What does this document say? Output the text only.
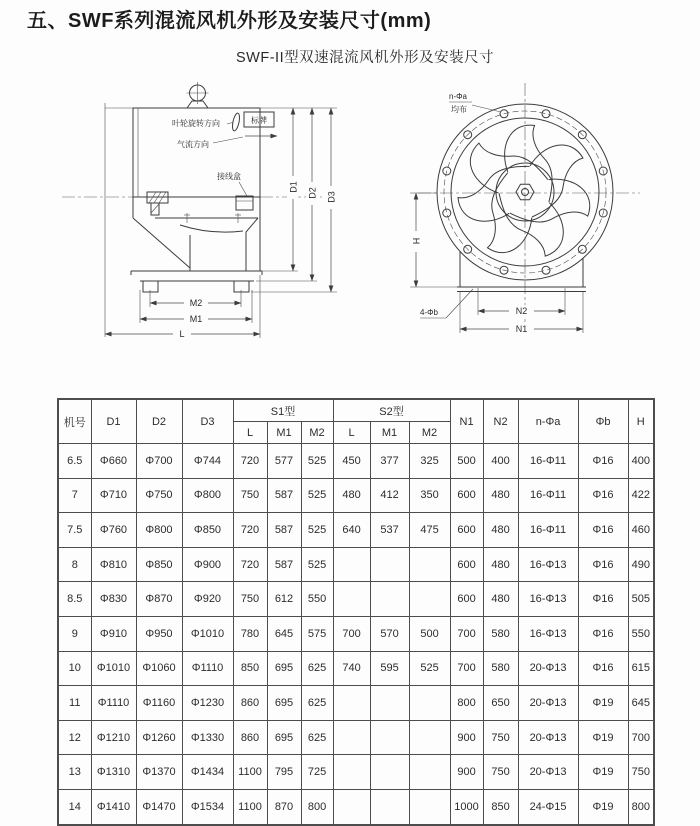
五、SWF系列混流风机外形及安装尺寸(mm)
SWF-II型双速混流风机外形及安装尺寸
标牌
叶轮旋转方向
气流方向
接线盒
M2
M1
L
D1
D2 D3
H
N2
N1
n-Φa
均布
4-Φb
机号	D1	D2	D3	S1型			S2型			N1	N2	n-Φa	Φb	H
				L	M1	M2	L	M1	M2					
6.5	Φ660	Φ700	Φ744	720	577	525	450	377	325	500	400	16-Φ11	Φ16	400
7	Φ710	Φ750	Φ800	750	587	525	480	412	350	600	480	16-Φ11	Φ16	422
7.5	Φ760	Φ800	Φ850	720	587	525	640	537	475	600	480	16-Φ11	Φ16	460
8	Φ810	Φ850	Φ900	720	587	525				600	480	16-Φ13	Φ16	490
8.5	Φ830	Φ870	Φ920	750	612	550				600	480	16-Φ13	Φ16	505
9	Φ910	Φ950	Φ1010	780	645	575	700	570	500	700	580	16-Φ13	Φ16	550
10	Φ1010	Φ1060	Φ1110	850	695	625	740	595	525	700	580	20-Φ13	Φ16	615
11	Φ1110	Φ1160	Φ1230	860	695	625				800	650	20-Φ13	Φ19	645
12	Φ1210	Φ1260	Φ1330	860	695	625				900	750	20-Φ13	Φ19	700
13	Φ1310	Φ1370	Φ1434	1100	795	725				900	750	20-Φ13	Φ19	750
14	Φ1410	Φ1470	Φ1534	1100	870	800				1000	850	24-Φ15	Φ19	800
